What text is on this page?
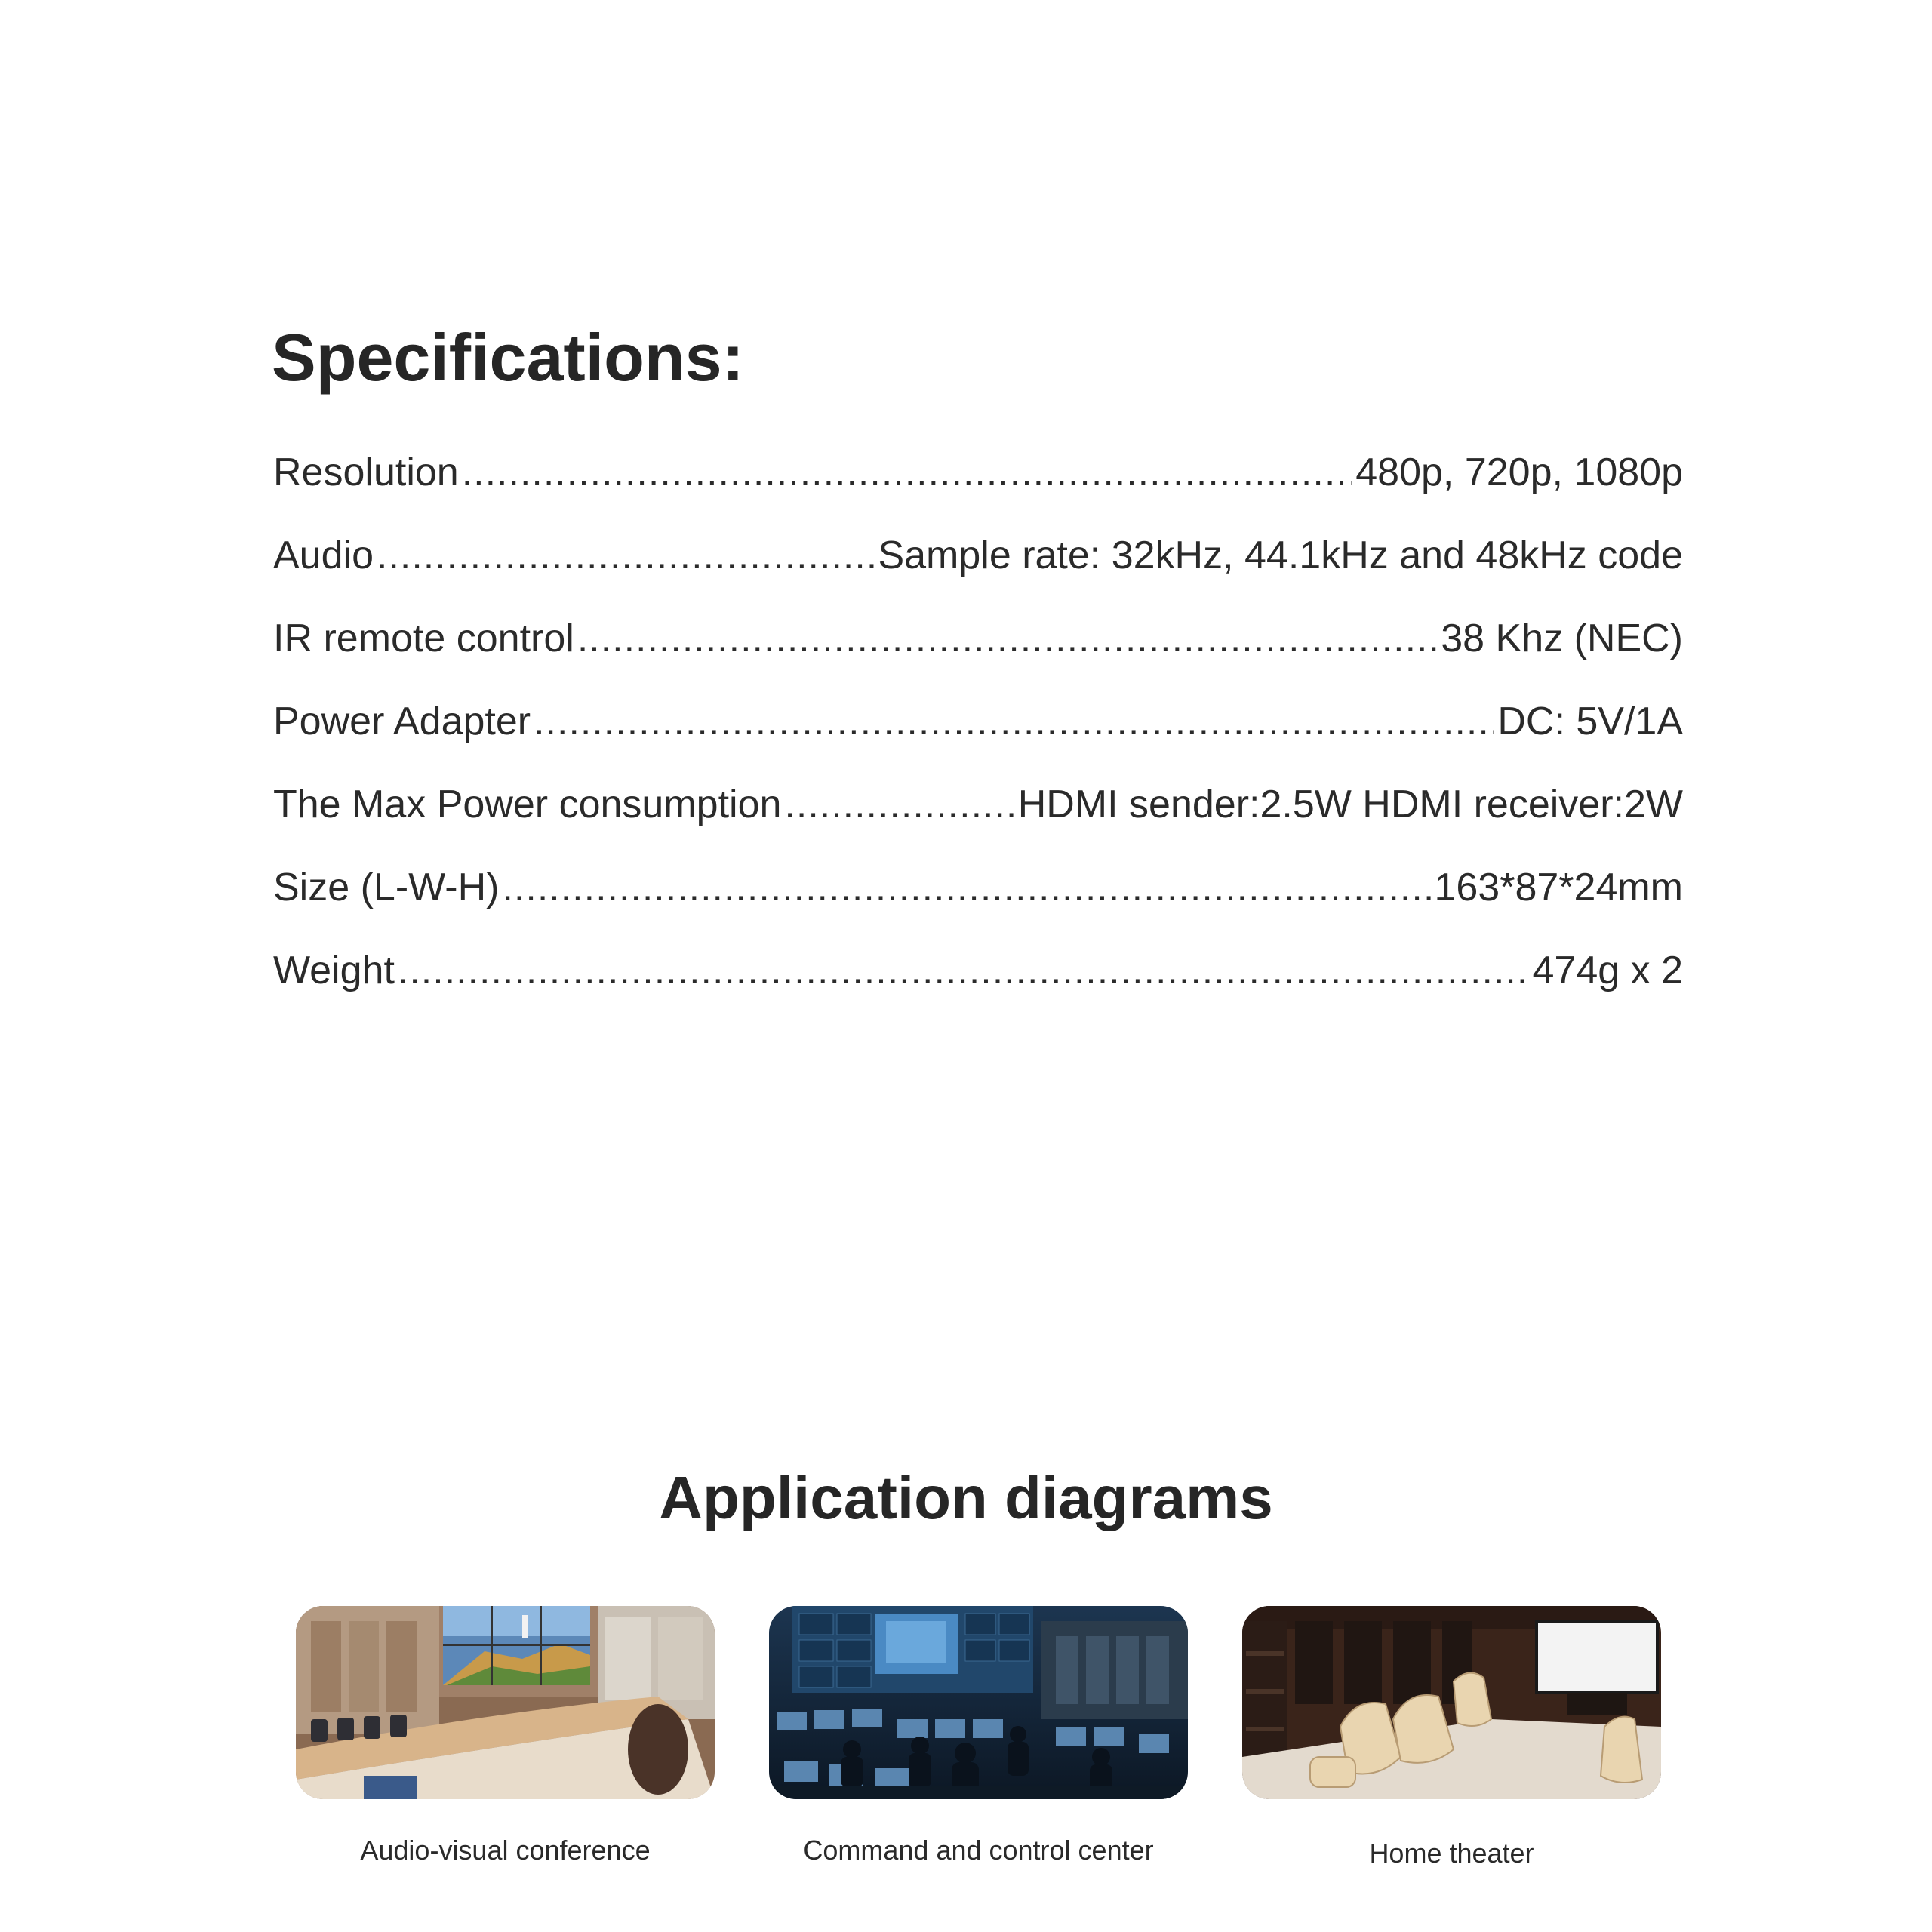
Specifications:
Resolution .....	480p, 720p, 1080p
Audio .....	Sample rate: 32kHz, 44.1kHz and 48kHz code
IR remote control .....	38 Khz (NEC)
Power Adapter .....	DC: 5V/1A
The Max Power consumption .....	HDMI sender:2.5W HDMI receiver:2W
Size (L-W-H) .....	163*87*24mm
Weight .....	474g x 2
Application diagrams
Audio-visual conference	Command and control center	Home theater
